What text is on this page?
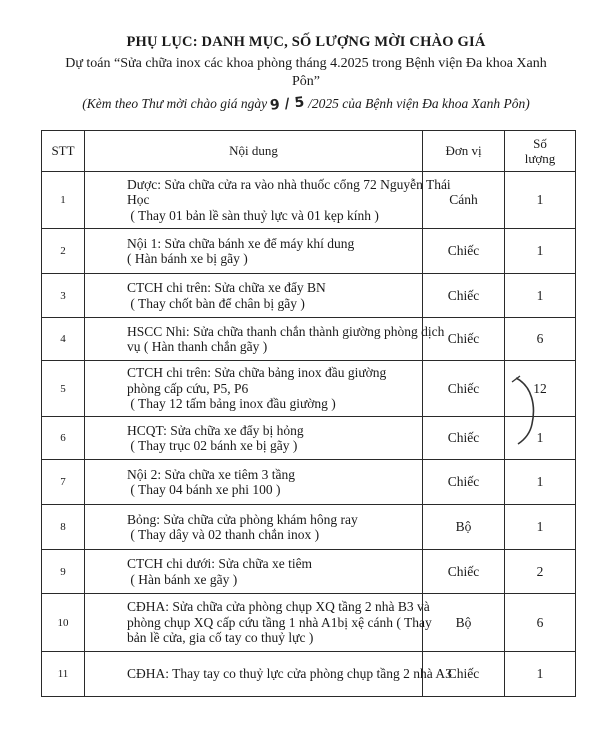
PHỤ LỤC: DANH MỤC, SỐ LƯỢNG MỜI CHÀO GIÁ
Dự toán “Sửa chữa inox các khoa phòng tháng 4.2025 trong Bệnh viện Đa khoa Xanh
Pôn”
(Kèm theo Thư mời chào giá ngày 9 / 5 /2025 của Bệnh viện Đa khoa Xanh Pôn)
STT	Nội dung	Đơn vị	Số
lượng

1	Dược: Sửa chữa cửa ra vào nhà thuốc cổng 72 Nguyễn Thái
Học
( Thay 01 bản lề sàn thuỷ lực và 01 kẹp kính )	Cánh	1
2	Nội 1: Sửa chữa bánh xe để máy khí dung
( Hàn bánh xe bị gãy )	Chiếc	1
3	CTCH chi trên: Sửa chữa xe đẩy BN
( Thay chốt bàn để chân bị gãy )	Chiếc	1
4	HSCC Nhi: Sửa chữa thanh chắn thành giường phòng dịch
vụ ( Hàn thanh chắn gãy )	Chiếc	6
5	CTCH chi trên: Sửa chữa bảng inox đầu giường
phòng cấp cứu, P5, P6
( Thay 12 tấm bảng inox đầu giường )	Chiếc	12
6	HCQT: Sửa chữa xe đẩy bị hỏng
( Thay trục 02 bánh xe bị gãy )	Chiếc	1
7	Nội 2: Sửa chữa xe tiêm 3 tầng
( Thay 04 bánh xe phi 100 )	Chiếc	1
8	Bỏng: Sửa chữa cửa phòng khám hông ray
( Thay dây và 02 thanh chắn inox )	Bộ	1
9	CTCH chi dưới: Sửa chữa xe tiêm
( Hàn bánh xe gãy )	Chiếc	2
10	CĐHA: Sửa chữa cửa phòng chụp XQ tầng 2 nhà B3 và
phòng chụp XQ cấp cứu tầng 1 nhà A1bị xệ cánh ( Thay
bản lề cửa, gia cố tay co thuỷ lực )	Bộ	6
11	CĐHA: Thay tay co thuỷ lực cửa phòng chụp tầng 2 nhà A3	Chiếc	1
